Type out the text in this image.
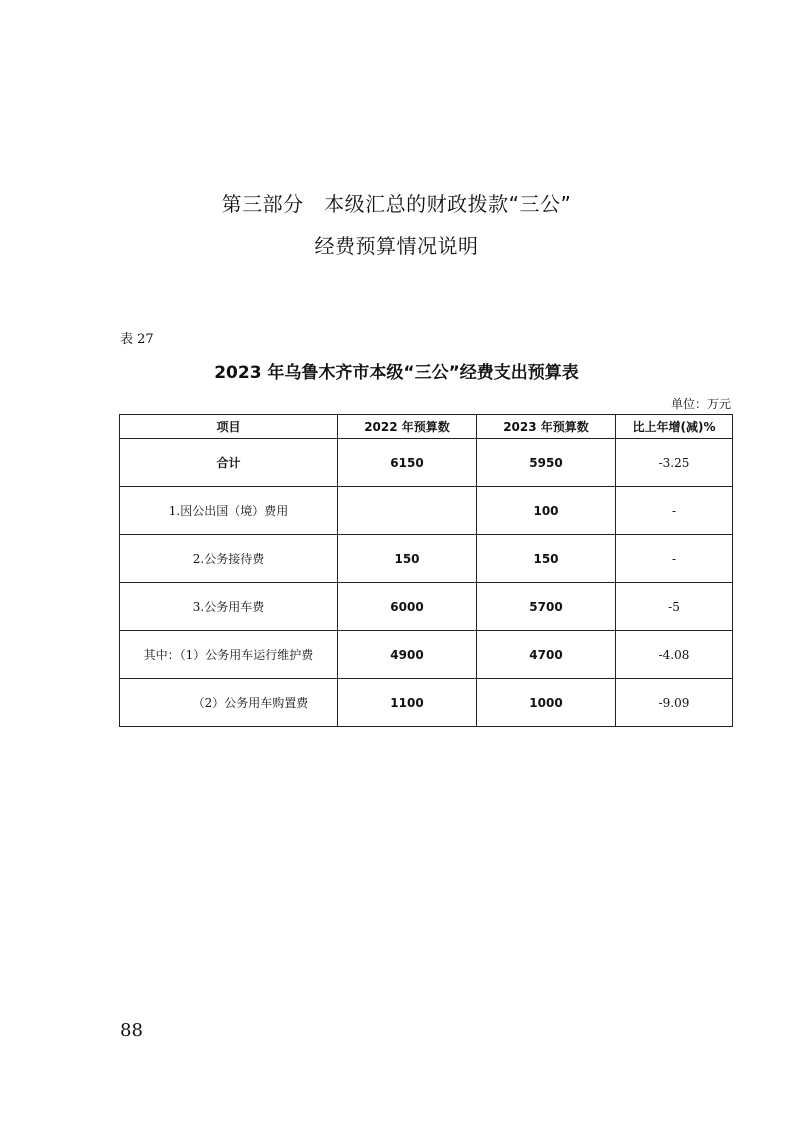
第三部分　本级汇总的财政拨款“三公”
经费预算情况说明
表 27
2023 年乌鲁木齐市本级“三公”经费支出预算表
单位：万元
项目	2022 年预算数	2023 年预算数	比上年增(减)%
合计	6150	5950	-3.25
1.因公出国（境）费用		100	-
2.公务接待费	150	150	-
3.公务用车费	6000	5700	-5
其中：（1）公务用车运行维护费	4900	4700	-4.08
（2）公务用车购置费	1100	1000	-9.09
88
